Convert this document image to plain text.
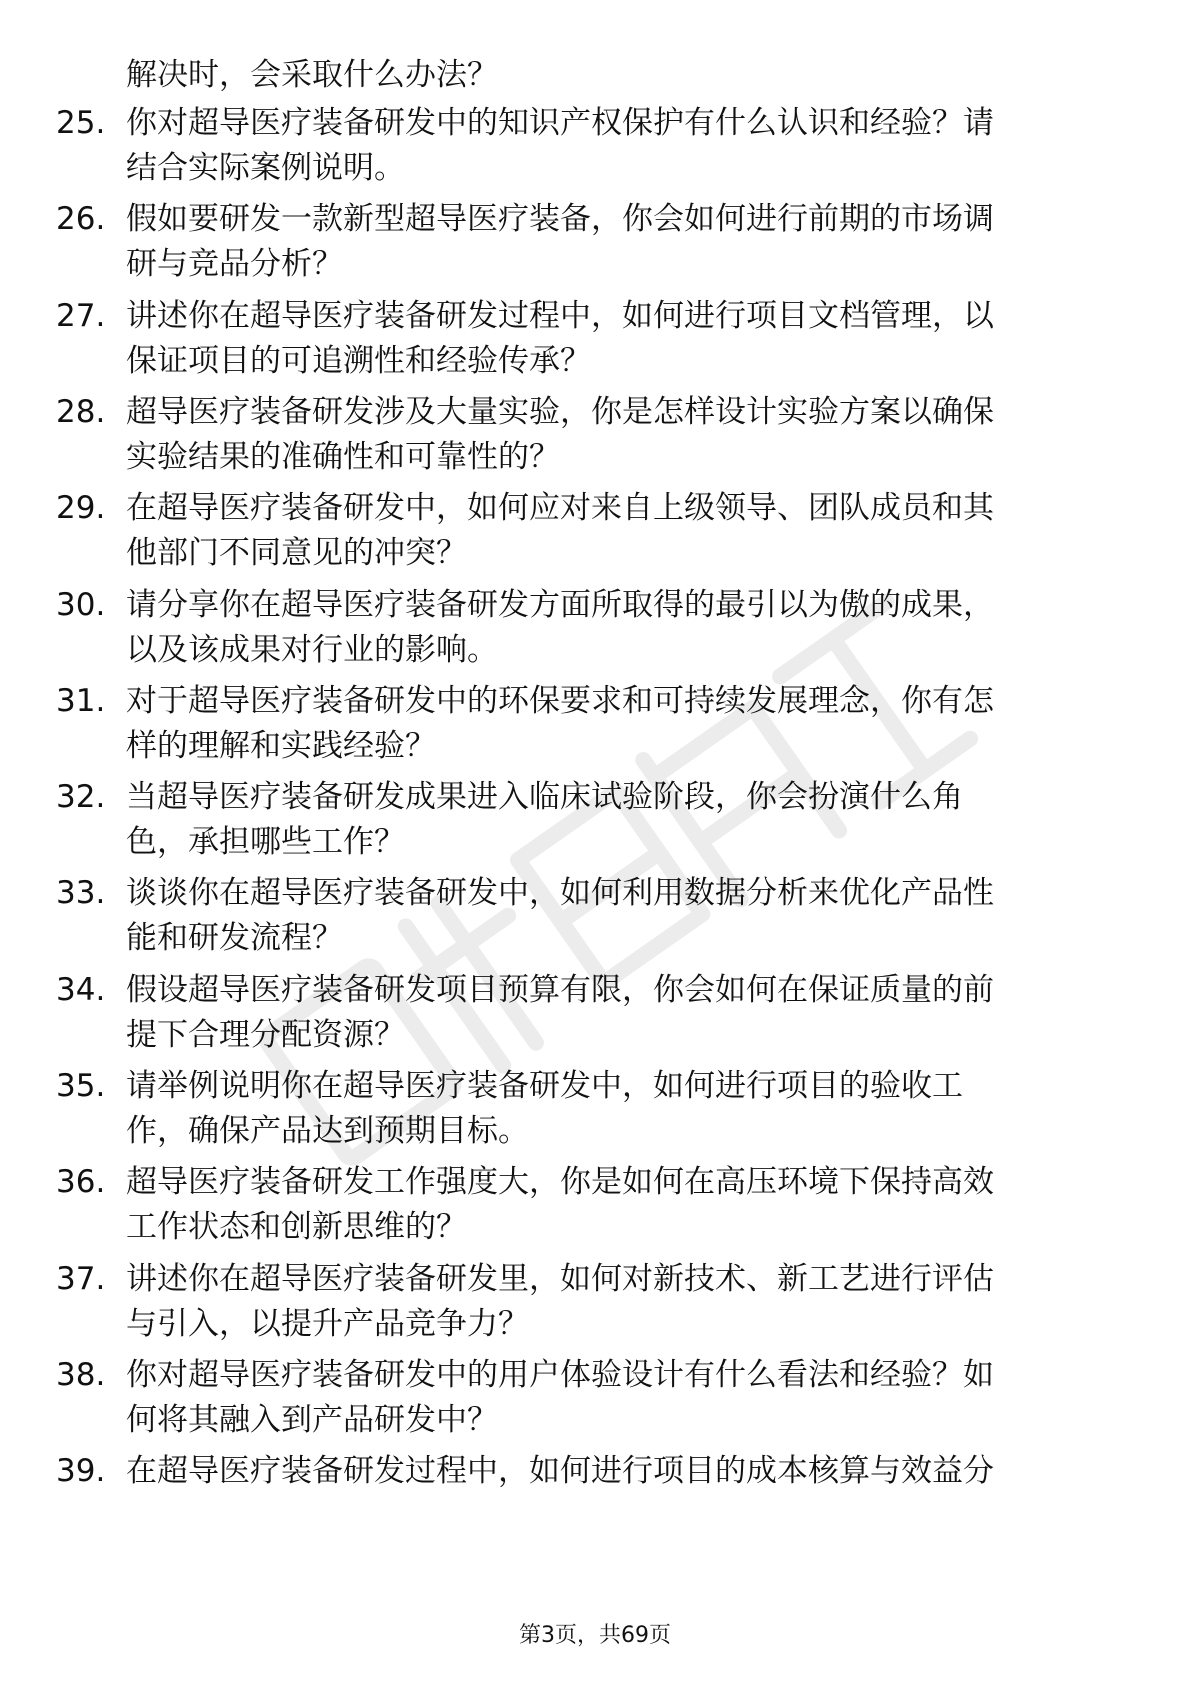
解决时，会采取什么办法？
25. 你对超导医疗装备研发中的知识产权保护有什么认识和经验？请
结合实际案例说明。
26. 假如要研发一款新型超导医疗装备，你会如何进行前期的市场调
研与竞品分析？
27. 讲述你在超导医疗装备研发过程中，如何进行项目文档管理，以
保证项目的可追溯性和经验传承？
28. 超导医疗装备研发涉及大量实验，你是怎样设计实验方案以确保
实验结果的准确性和可靠性的？
29. 在超导医疗装备研发中，如何应对来自上级领导、团队成员和其
他部门不同意见的冲突？
30. 请分享你在超导医疗装备研发方面所取得的最引以为傲的成果，
以及该成果对行业的影响。
31. 对于超导医疗装备研发中的环保要求和可持续发展理念，你有怎
样的理解和实践经验？
32. 当超导医疗装备研发成果进入临床试验阶段，你会扮演什么角
色，承担哪些工作？
33. 谈谈你在超导医疗装备研发中，如何利用数据分析来优化产品性
能和研发流程？
34. 假设超导医疗装备研发项目预算有限，你会如何在保证质量的前
提下合理分配资源？
35. 请举例说明你在超导医疗装备研发中，如何进行项目的验收工
作，确保产品达到预期目标。
36. 超导医疗装备研发工作强度大，你是如何在高压环境下保持高效
工作状态和创新思维的？
37. 讲述你在超导医疗装备研发里，如何对新技术、新工艺进行评估
与引入，以提升产品竞争力？
38. 你对超导医疗装备研发中的用户体验设计有什么看法和经验？如
何将其融入到产品研发中？
39. 在超导医疗装备研发过程中，如何进行项目的成本核算与效益分
第3页，共69页
